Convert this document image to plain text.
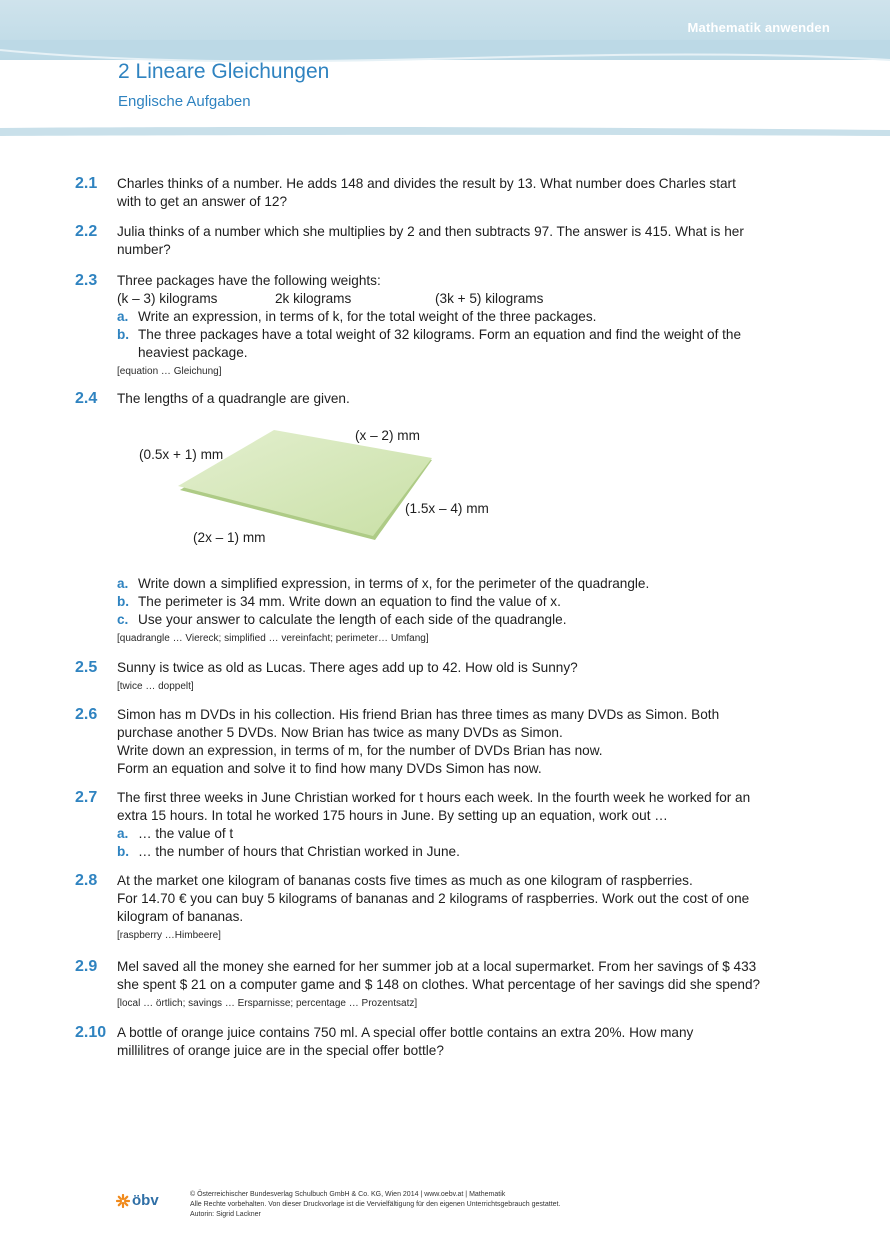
Mathematik anwenden
2 Lineare Gleichungen
Englische Aufgaben
2.1 Charles thinks of a number. He adds 148 and divides the result by 13. What number does Charles start
with to get an answer of 12?
2.2 Julia thinks of a number which she multiplies by 2 and then subtracts 97. The answer is 415. What is her
number?
2.3 Three packages have the following weights:
(k – 3) kilograms	2k kilograms	(3k + 5) kilograms
a. Write an expression, in terms of k, for the total weight of the three packages.
b. The three packages have a total weight of 32 kilograms. Form an equation and find the weight of the
heaviest package.
[equation … Gleichung]
2.4 The lengths of a quadrangle are given.
(x – 2) mm
(0.5x + 1) mm
(1.5x – 4) mm
(2x – 1) mm
a. Write down a simplified expression, in terms of x, for the perimeter of the quadrangle.
b. The perimeter is 34 mm. Write down an equation to find the value of x.
c. Use your answer to calculate the length of each side of the quadrangle.
[quadrangle … Viereck; simplified … vereinfacht; perimeter… Umfang]
2.5 Sunny is twice as old as Lucas. There ages add up to 42. How old is Sunny?
[twice … doppelt]
2.6 Simon has m DVDs in his collection. His friend Brian has three times as many DVDs as Simon. Both
purchase another 5 DVDs. Now Brian has twice as many DVDs as Simon.
Write down an expression, in terms of m, for the number of DVDs Brian has now.
Form an equation and solve it to find how many DVDs Simon has now.
2.7 The first three weeks in June Christian worked for t hours each week. In the fourth week he worked for an
extra 15 hours. In total he worked 175 hours in June. By setting up an equation, work out …
a. … the value of t
b. … the number of hours that Christian worked in June.
2.8 At the market one kilogram of bananas costs five times as much as one kilogram of raspberries.
For 14.70 € you can buy 5 kilograms of bananas and 2 kilograms of raspberries. Work out the cost of one
kilogram of bananas.
[raspberry …Himbeere]
2.9 Mel saved all the money she earned for her summer job at a local supermarket. From her savings of $ 433
she spent $ 21 on a computer game and $ 148 on clothes. What percentage of her savings did she spend?
[local … örtlich; savings … Ersparnisse; percentage … Prozentsatz]
2.10 A bottle of orange juice contains 750 ml. A special offer bottle contains an extra 20%. How many
millilitres of orange juice are in the special offer bottle?
öbv	© Österreichischer Bundesverlag Schulbuch GmbH & Co. KG, Wien 2014 | www.oebv.at | Mathematik
Alle Rechte vorbehalten. Von dieser Druckvorlage ist die Vervielfältigung für den eigenen Unterrichtsgebrauch gestattet.
Autorin: Sigrid Lackner
